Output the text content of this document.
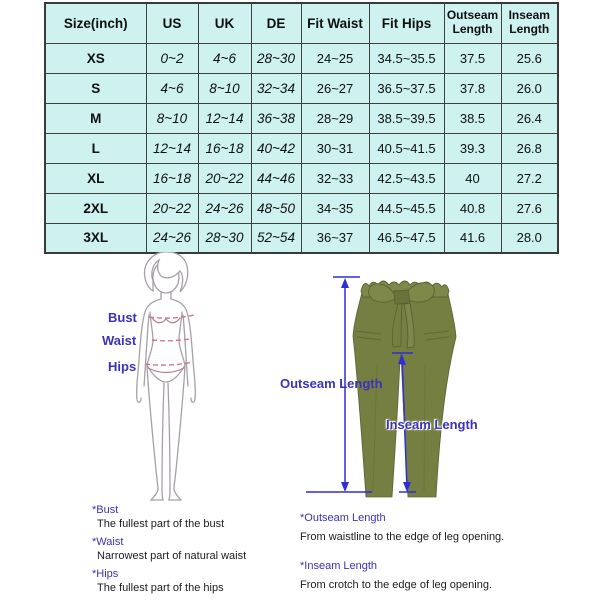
Size(inch)	US	UK	DE	Fit Waist	Fit Hips	Outseam Length	Inseam Length
XS	0~2	4~6	28~30	24~25	34.5~35.5	37.5	25.6
S	4~6	8~10	32~34	26~27	36.5~37.5	37.8	26.0
M	8~10	12~14	36~38	28~29	38.5~39.5	38.5	26.4
L	12~14	16~18	40~42	30~31	40.5~41.5	39.3	26.8
XL	16~18	20~22	44~46	32~33	42.5~43.5	40	27.2
2XL	20~22	24~26	48~50	34~35	44.5~45.5	40.8	27.6
3XL	24~26	28~30	52~54	36~37	46.5~47.5	41.6	28.0
Bust
Waist
Hips
Outseam Length
Inseam Length
*Bust
The fullest part of the bust
*Waist
Narrowest part of natural waist
*Hips
The fullest part of the hips
*Outseam Length
From waistline to the edge of leg opening.
*Inseam Length
From crotch to the edge of leg opening.
